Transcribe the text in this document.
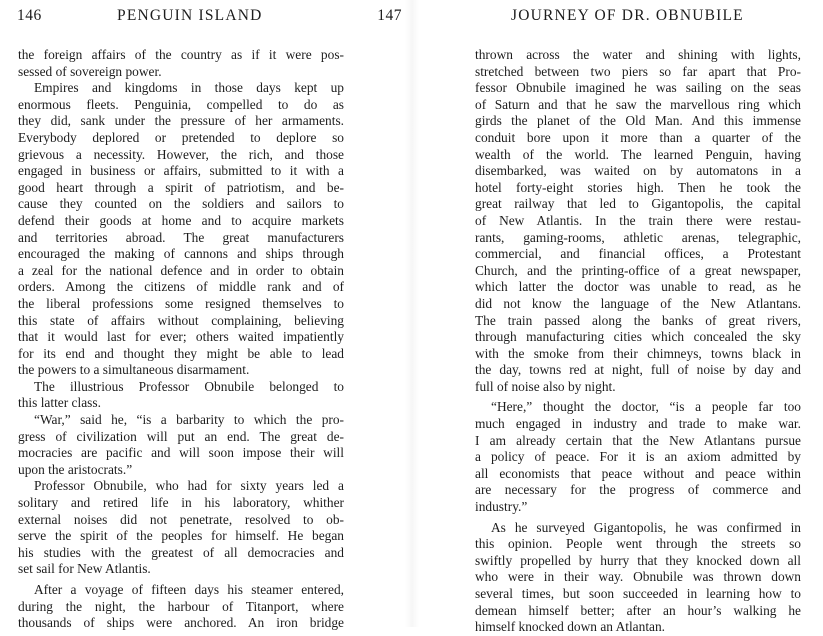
146	PENGUIN ISLAND
the foreign affairs of the country as if it were pos-
sessed of sovereign power.
Empires and kingdoms in those days kept up
enormous fleets. Penguinia, compelled to do as
they did, sank under the pressure of her armaments.
Everybody deplored or pretended to deplore so
grievous a necessity. However, the rich, and those
engaged in business or affairs, submitted to it with a
good heart through a spirit of patriotism, and be-
cause they counted on the soldiers and sailors to
defend their goods at home and to acquire markets
and territories abroad. The great manufacturers
encouraged the making of cannons and ships through
a zeal for the national defence and in order to obtain
orders. Among the citizens of middle rank and of
the liberal professions some resigned themselves to
this state of affairs without complaining, believing
that it would last for ever; others waited impatiently
for its end and thought they might be able to lead
the powers to a simultaneous disarmament.
The illustrious Professor Obnubile belonged to
this latter class.
“War,” said he, “is a barbarity to which the pro-
gress of civilization will put an end. The great de-
mocracies are pacific and will soon impose their will
upon the aristocrats.”
Professor Obnubile, who had for sixty years led a
solitary and retired life in his laboratory, whither
external noises did not penetrate, resolved to ob-
serve the spirit of the peoples for himself. He began
his studies with the greatest of all democracies and
set sail for New Atlantis.
After a voyage of fifteen days his steamer entered,
during the night, the harbour of Titanport, where
thousands of ships were anchored. An iron bridge
JOURNEY OF DR. OBNUBILE
147
thrown across the water and shining with lights,
stretched between two piers so far apart that Pro-
fessor Obnubile imagined he was sailing on the seas
of Saturn and that he saw the marvellous ring which
girds the planet of the Old Man. And this immense
conduit bore upon it more than a quarter of the
wealth of the world. The learned Penguin, having
disembarked, was waited on by automatons in a
hotel forty-eight stories high. Then he took the
great railway that led to Gigantopolis, the capital
of New Atlantis. In the train there were restau-
rants, gaming-rooms, athletic arenas, telegraphic,
commercial, and financial offices, a Protestant
Church, and the printing-office of a great newspaper,
which latter the doctor was unable to read, as he
did not know the language of the New Atlantans.
The train passed along the banks of great rivers,
through manufacturing cities which concealed the sky
with the smoke from their chimneys, towns black in
the day, towns red at night, full of noise by day and
full of noise also by night.
“Here,” thought the doctor, “is a people far too
much engaged in industry and trade to make war.
I am already certain that the New Atlantans pursue
a policy of peace. For it is an axiom admitted by
all economists that peace without and peace within
are necessary for the progress of commerce and
industry.”
As he surveyed Gigantopolis, he was confirmed in
this opinion. People went through the streets so
swiftly propelled by hurry that they knocked down all
who were in their way. Obnubile was thrown down
several times, but soon succeeded in learning how to
demean himself better; after an hour’s walking he
himself knocked down an Atlantan.
